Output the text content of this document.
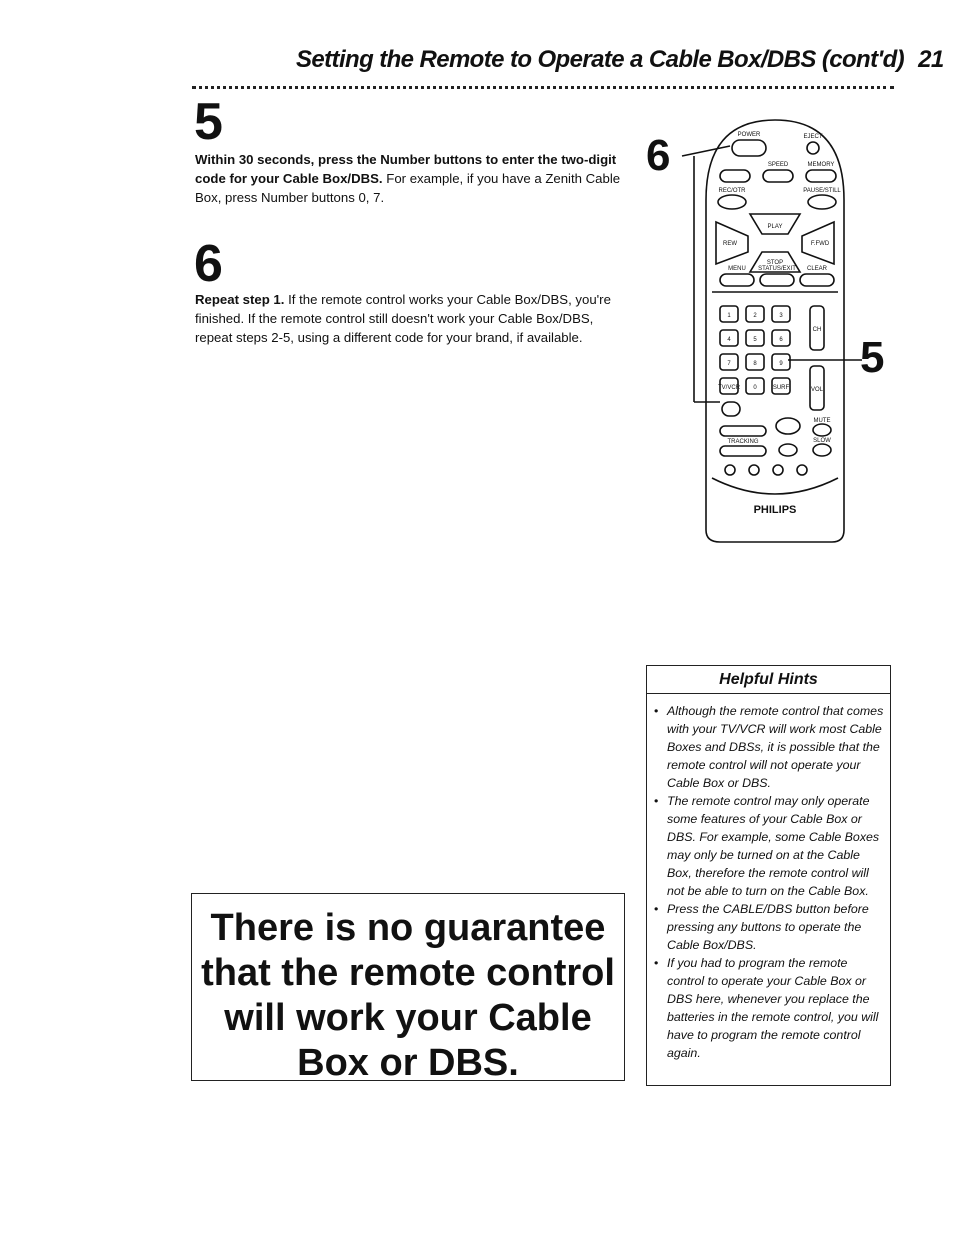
Setting the Remote to Operate a Cable Box/DBS (cont'd) 21
5
Within 30 seconds, press the Number buttons to enter the two-digit code for your Cable Box/DBS. For example, if you have a Zenith Cable Box, press Number buttons 0, 7.
6
Repeat step 1. If the remote control works your Cable Box/DBS, you're finished. If the remote control still doesn't work your Cable Box/DBS, repeat steps 2-5, using a different code for your brand, if available.
6
5
POWER	EJECT
SPEED	MEMORY
REC/OTR	PAUSE/STILL
PLAY
REW	F.FWD
STOP
MENU STATUS/EXIT CLEAR
1	2	3
4	5	6
7	8	9
0
TV/VCR	SURF
CH
VOL
MUTE
SLOW
TRACKING
PHILIPS
There is no guarantee that the remote control will work your Cable Box or DBS.
Helpful Hints
• Although the remote control that comes with your TV/VCR will work most Cable Boxes and DBSs, it is possible that the remote control will not operate your Cable Box or DBS.
• The remote control may only operate some features of your Cable Box or DBS. For example, some Cable Boxes may only be turned on at the Cable Box, therefore the remote control will not be able to turn on the Cable Box.
• Press the CABLE/DBS button before pressing any buttons to operate the Cable Box/DBS.
• If you had to program the remote control to operate your Cable Box or DBS here, whenever you replace the batteries in the remote control, you will have to program the remote control again.
